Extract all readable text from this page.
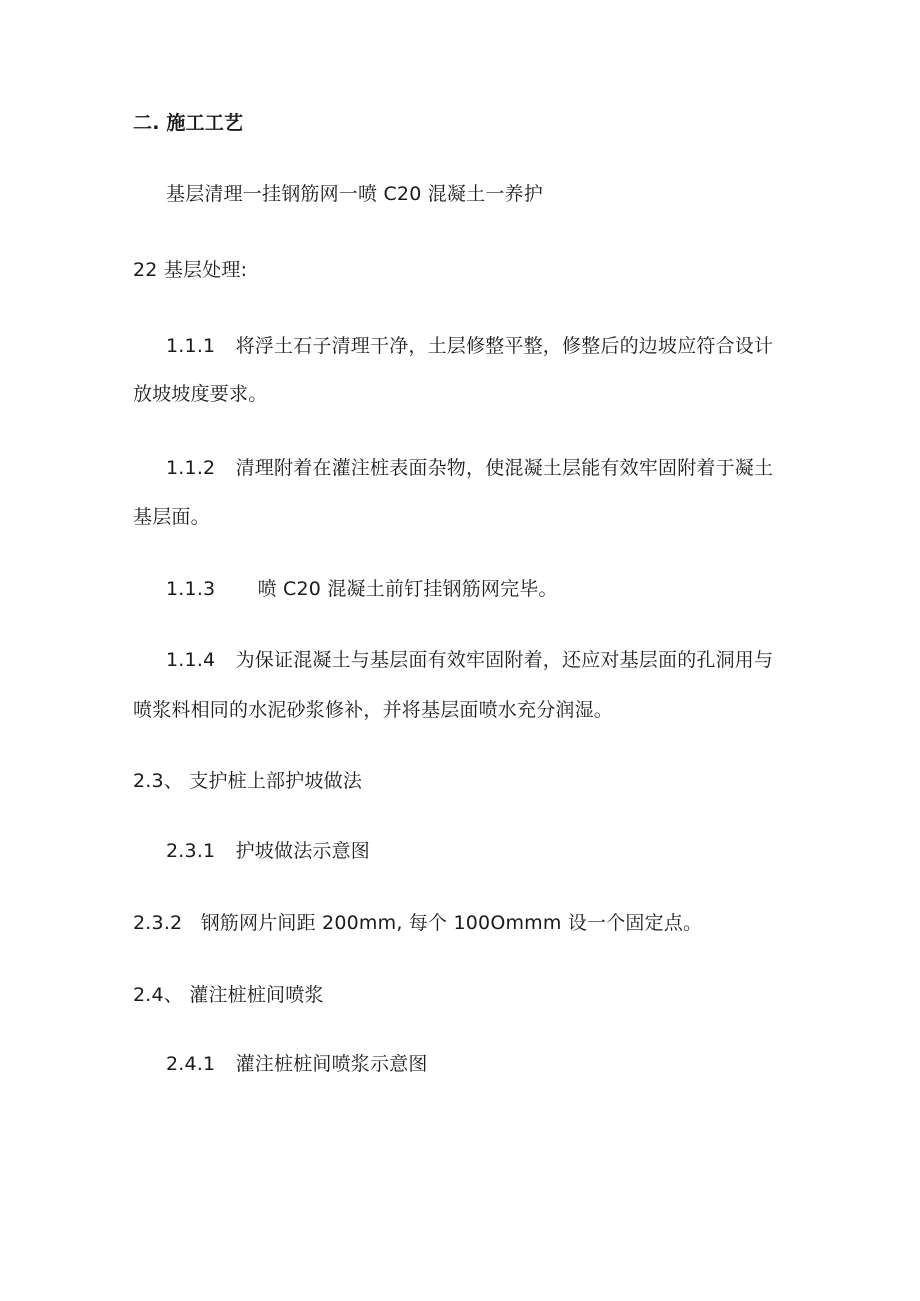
二. 施工工艺
基层清理一挂钢筋网一喷 C20 混凝土一养护
22 基层处理:
1.1.1 将浮土石子清理干净，土层修整平整，修整后的边坡应符合设计
放坡坡度要求。
1.1.2 清理附着在灌注桩表面杂物，使混凝土层能有效牢固附着于凝土
基层面。
1.1.3 喷 C20 混凝土前钉挂钢筋网完毕。
1.1.4 为保证混凝土与基层面有效牢固附着，还应对基层面的孔洞用与
喷浆料相同的水泥砂浆修补，并将基层面喷水充分润湿。
2.3、 支护桩上部护坡做法
2.3.1 护坡做法示意图
2.3.2 钢筋网片间距 200mm, 每个 100Ommm 设一个固定点。
2.4、 灌注桩桩间喷浆
2.4.1 灌注桩桩间喷浆示意图
